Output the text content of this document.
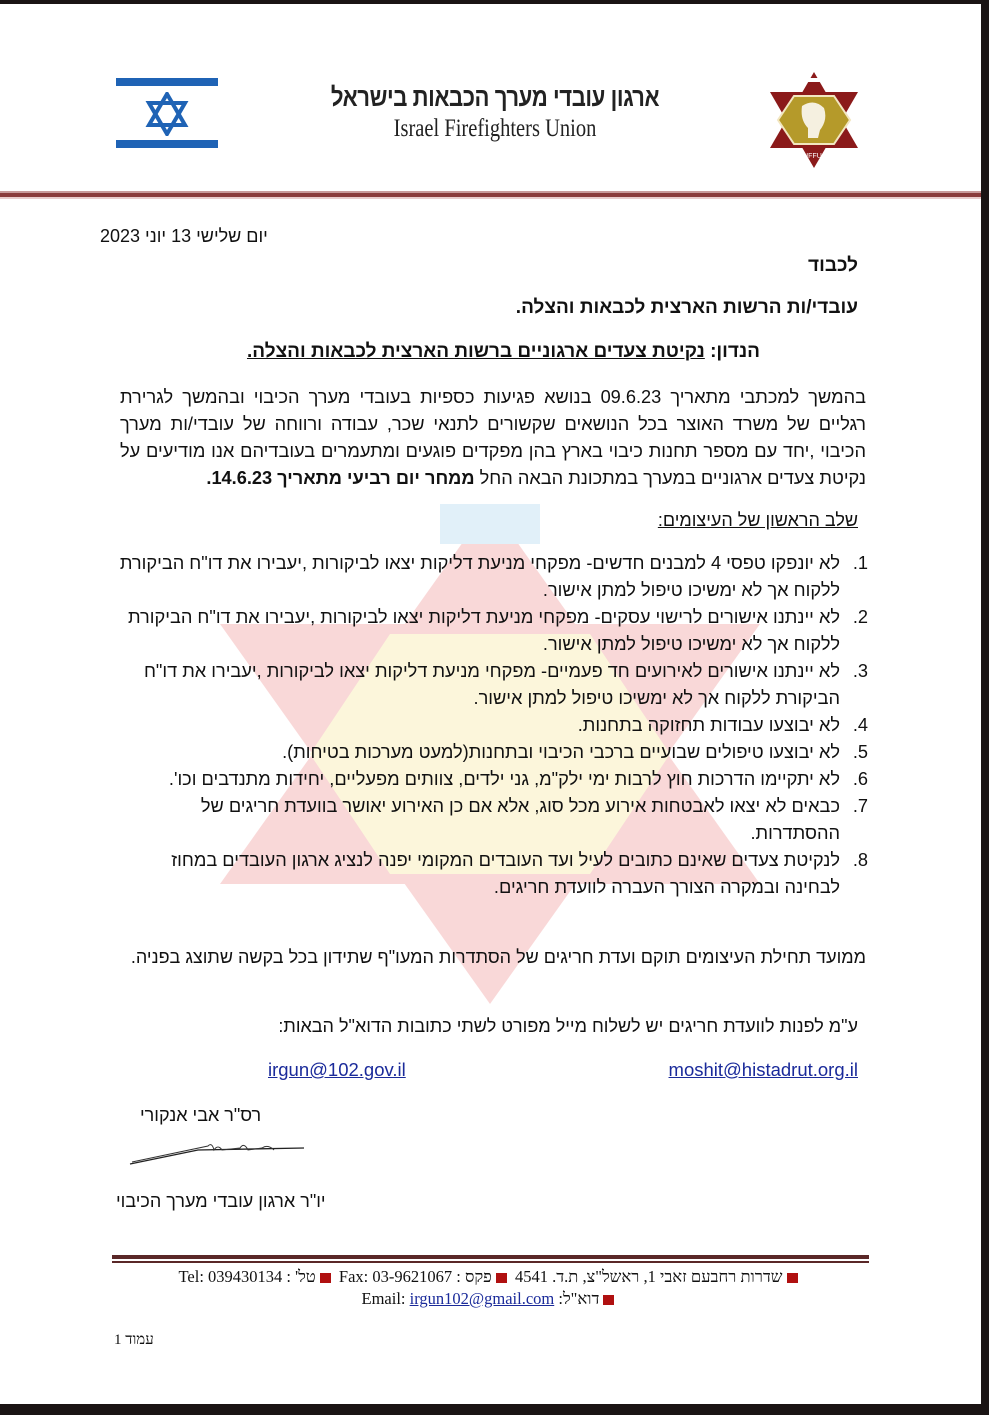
ארגון עובדי מערך הכבאות בישראל
Israel Firefighters Union
IFFU
יום שלישי 13 יוני 2023
לכבוד
עובדי/ות הרשות הארצית לכבאות והצלה.
הנדון: נקיטת צעדים ארגוניים ברשות הארצית לכבאות והצלה.
בהמשך למכתבי מתאריך 09.6.23 בנושא פגיעות כספיות בעובדי מערך הכיבוי ובהמשך לגרירת רגליים של משרד האוצר בכל הנושאים שקשורים לתנאי שכר, עבודה ורווחה של עובדי/ות מערך הכיבוי ,יחד עם מספר תחנות כיבוי בארץ בהן מפקדים פוגעים ומתעמרים בעובדיהם אנו מודיעים על נקיטת צעדים ארגוניים במערך במתכונת הבאה החל ממחר יום רביעי מתאריך 14.6.23.
שלב הראשון של העיצומים:
1.
לא יונפקו טפסי 4 למבנים חדשים- מפקחי מניעת דליקות יצאו לביקורות ,יעבירו את דו"ח הביקורת ללקוח אך לא ימשיכו טיפול למתן אישור.
2.
לא יינתנו אישורים לרישוי עסקים- מפקחי מניעת דליקות יצאו לביקורות ,יעבירו את דו"ח הביקורת ללקוח אך לא ימשיכו טיפול למתן אישור.
3.
לא יינתנו אישורים לאירועים חד פעמיים- מפקחי מניעת דליקות יצאו לביקורות ,יעבירו את דו"ח הביקורת ללקוח אך לא ימשיכו טיפול למתן אישור.
4.
לא יבוצעו עבודות תחזוקה בתחנות.
5.
לא יבוצעו טיפולים שבועיים ברכבי הכיבוי ובתחנות(למעט מערכות בטיחות).
6.
לא יתקיימו הדרכות חוץ לרבות ימי ילק"מ, גני ילדים, צוותים מפעליים, יחידות מתנדבים וכו'.
7.
כבאים לא יצאו לאבטחות אירוע מכל סוג, אלא אם כן האירוע יאושר בוועדת חריגים של ההסתדרות.
8.
לנקיטת צעדים שאינם כתובים לעיל ועד העובדים המקומי יפנה לנציג ארגון העובדים במחוז לבחינה ובמקרה הצורך העברה לוועדת חריגים.
ממועד תחילת העיצומים תוקם ועדת חריגים של הסתדרות המעו"ף שתידון בכל בקשה שתוצג בפניה.
ע"מ לפנות לוועדת חריגים יש לשלוח מייל מפורט לשתי כתובות הדוא"ל הבאות:
moshit@histadrut.org.il
irgun@102.gov.il
רס"ר אבי אנקורי
יו"ר ארגון עובדי מערך הכיבוי
שדרות רחבעם זאבי 1, ראשל"צ, ת.ד. 4541 פקס : Fax: 03-9621067 טל' : Tel: 039430134
דוא"ל: Email: irgun102@gmail.com
עמוד 1
